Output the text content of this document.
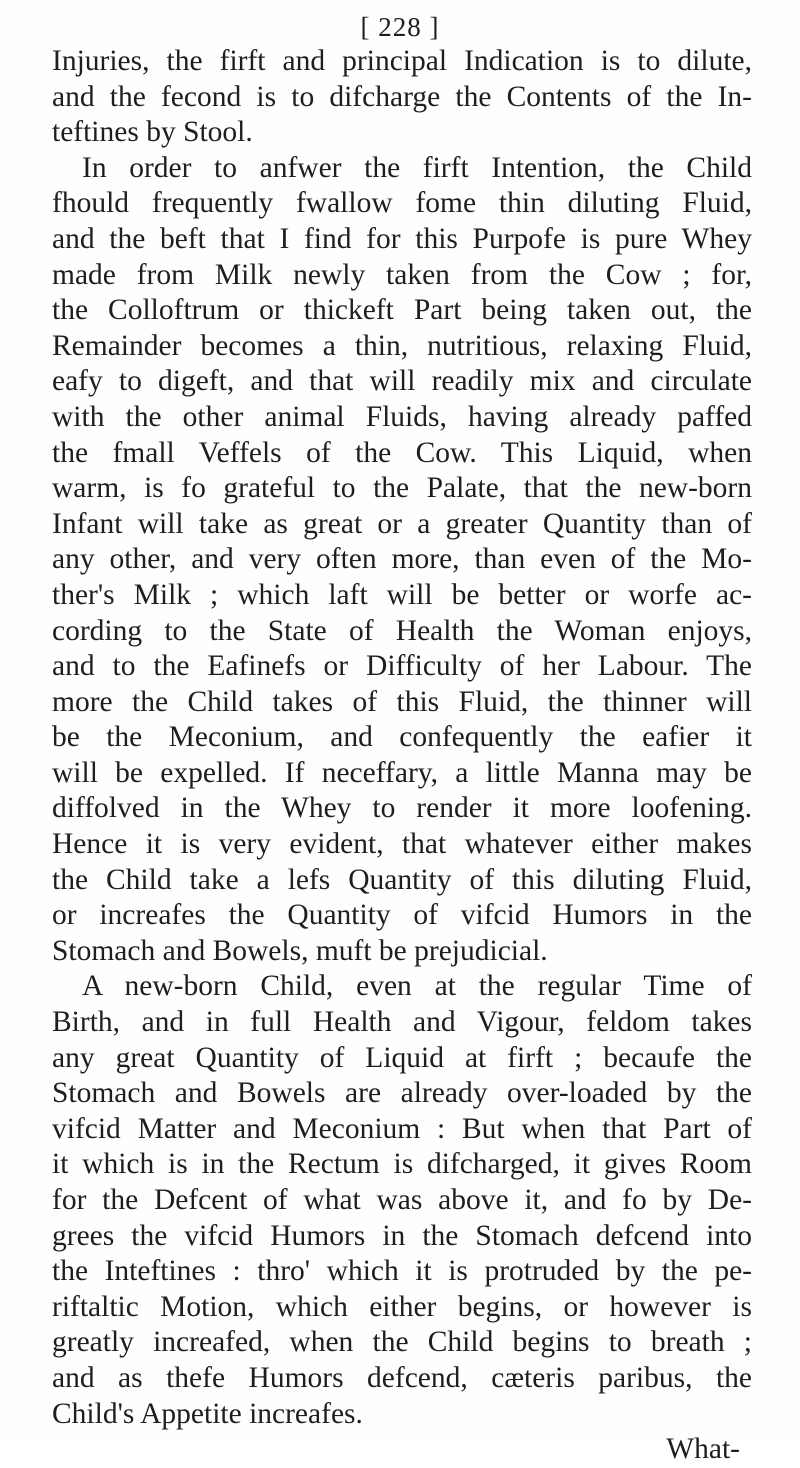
[ 228 ]
Injuries, the firft and principal Indication is to dilute,
and the fecond is to difcharge the Contents of the In-
teftines by Stool.
In order to anfwer the firft Intention, the Child
fhould frequently fwallow fome thin diluting Fluid,
and the beft that I find for this Purpofe is pure Whey
made from Milk newly taken from the Cow ; for,
the Colloftrum or thickeft Part being taken out, the
Remainder becomes a thin, nutritious, relaxing Fluid,
eafy to digeft, and that will readily mix and circulate
with the other animal Fluids, having already paffed
the fmall Veffels of the Cow. This Liquid, when
warm, is fo grateful to the Palate, that the new-born
Infant will take as great or a greater Quantity than of
any other, and very often more, than even of the Mo-
ther's Milk ; which laft will be better or worfe ac-
cording to the State of Health the Woman enjoys,
and to the Eafinefs or Difficulty of her Labour. The
more the Child takes of this Fluid, the thinner will
be the Meconium, and confequently the eafier it
will be expelled. If neceffary, a little Manna may be
diffolved in the Whey to render it more loofening.
Hence it is very evident, that whatever either makes
the Child take a lefs Quantity of this diluting Fluid,
or increafes the Quantity of vifcid Humors in the
Stomach and Bowels, muft be prejudicial.
A new-born Child, even at the regular Time of
Birth, and in full Health and Vigour, feldom takes
any great Quantity of Liquid at firft ; becaufe the
Stomach and Bowels are already over-loaded by the
vifcid Matter and Meconium : But when that Part of
it which is in the Rectum is difcharged, it gives Room
for the Defcent of what was above it, and fo by De-
grees the vifcid Humors in the Stomach defcend into
the Inteftines : thro' which it is protruded by the pe-
riftaltic Motion, which either begins, or however is
greatly increafed, when the Child begins to breath ;
and as thefe Humors defcend, cæteris paribus, the
Child's Appetite increafes.
What-
